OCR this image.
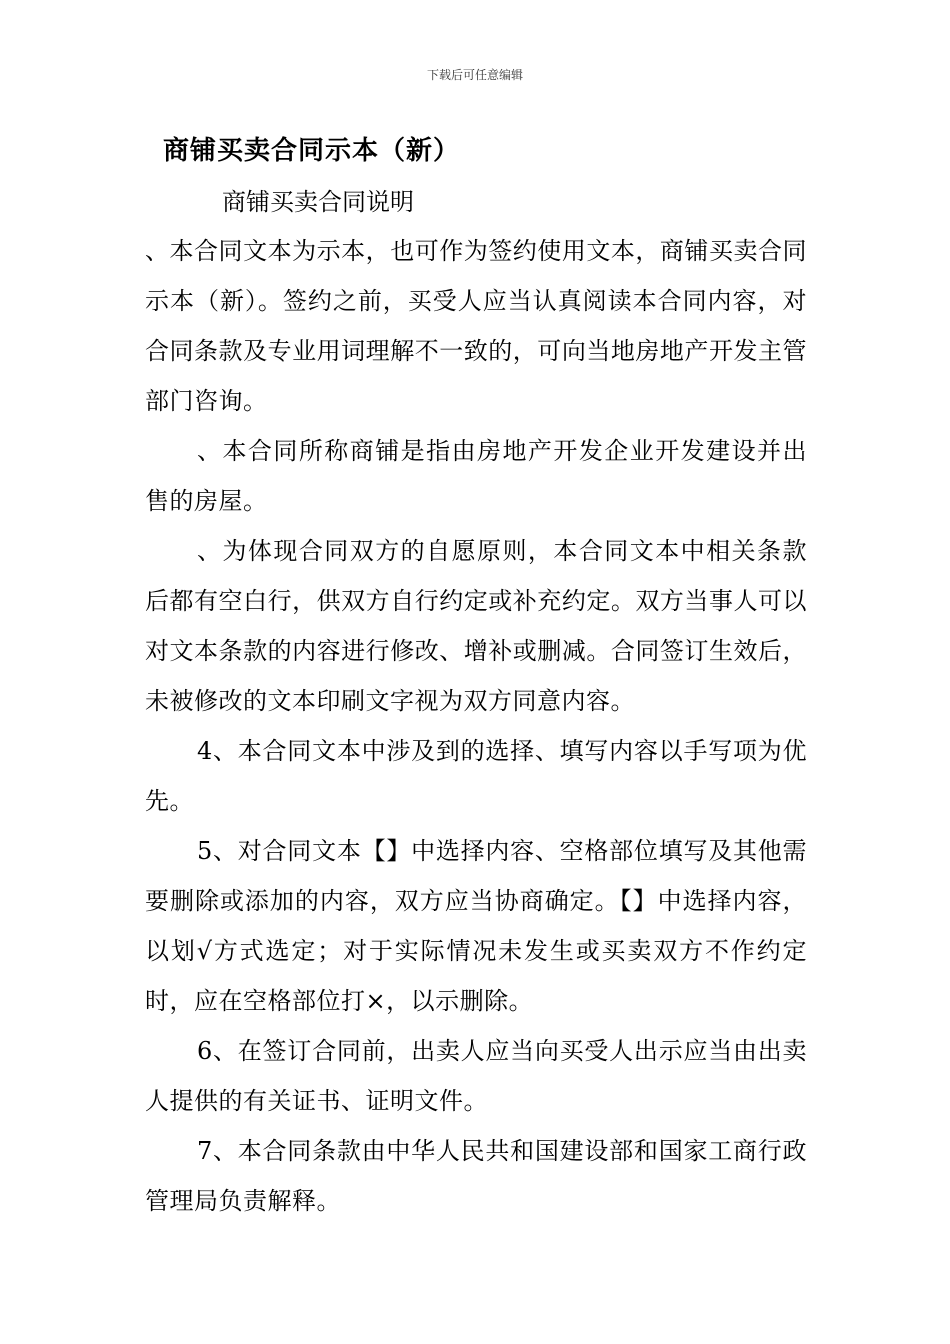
下载后可任意编辑
商铺买卖合同示本（新）
商铺买卖合同说明

、本合同文本为示本，也可作为签约使用文本，商铺买卖合同示本（新）。签约之前，买受人应当认真阅读本合同内容，对合同条款及专业用词理解不一致的，可向当地房地产开发主管部门咨询。

、本合同所称商铺是指由房地产开发企业开发建设并出售的房屋。

、为体现合同双方的自愿原则，本合同文本中相关条款后都有空白行，供双方自行约定或补充约定。双方当事人可以对文本条款的内容进行修改、增补或删减。合同签订生效后，未被修改的文本印刷文字视为双方同意内容。

4、本合同文本中涉及到的选择、填写内容以手写项为优先。

5、对合同文本【】中选择内容、空格部位填写及其他需要删除或添加的内容，双方应当协商确定。【】中选择内容，以划√方式选定；对于实际情况未发生或买卖双方不作约定时，应在空格部位打×，以示删除。

6、在签订合同前，出卖人应当向买受人出示应当由出卖人提供的有关证书、证明文件。

7、本合同条款由中华人民共和国建设部和国家工商行政管理局负责解释。
